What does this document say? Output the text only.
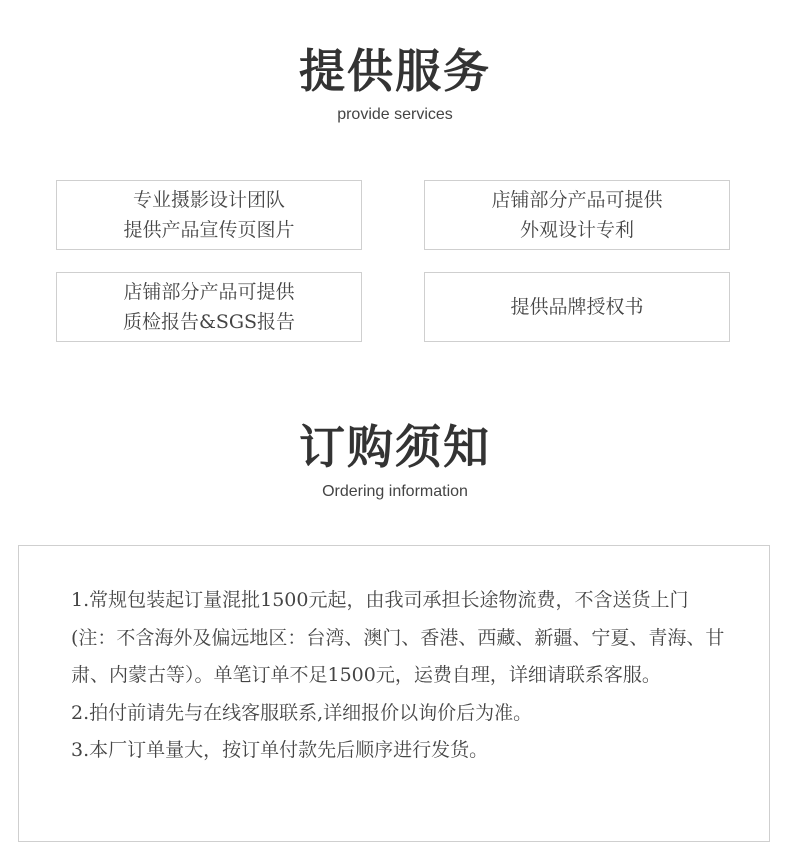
提供服务
provide services
专业摄影设计团队
提供产品宣传页图片
店铺部分产品可提供
外观设计专利
店铺部分产品可提供
质检报告&SGS报告
提供品牌授权书
订购须知
Ordering information
1.常规包装起订量混批1500元起，由我司承担长途物流费，不含送货上门(注：不含海外及偏远地区：台湾、澳门、香港、西藏、新疆、宁夏、青海、甘肃、内蒙古等）。单笔订单不足1500元，运费自理，详细请联系客服。
2.拍付前请先与在线客服联系,详细报价以询价后为准。
3.本厂订单量大，按订单付款先后顺序进行发货。
